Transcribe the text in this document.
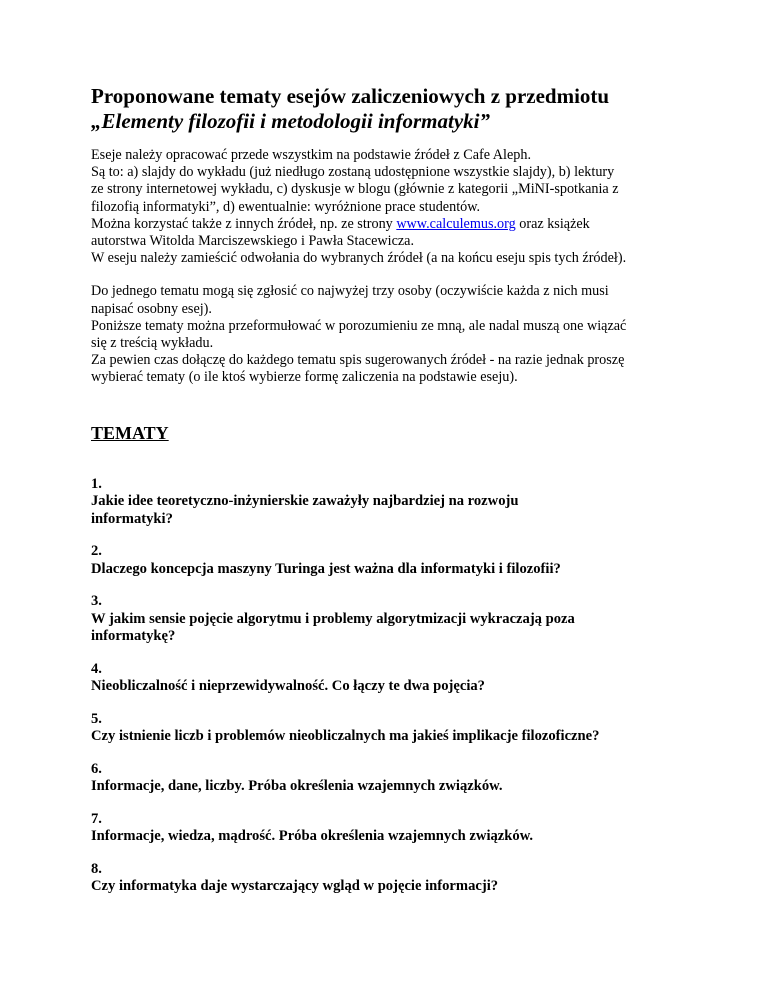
Proponowane tematy esejów zaliczeniowych z przedmiotu

„Elementy filozofii i metodologii informatyki”

Eseje należy opracować przede wszystkim na podstawie źródeł z Cafe Aleph.
Są to: a) slajdy do wykładu (już niedługo zostaną udostępnione wszystkie slajdy), b) lektury
ze strony internetowej wykładu, c) dyskusje w blogu (głównie z kategorii „MiNI-spotkania z
filozofią informatyki”, d) ewentualnie: wyróżnione prace studentów.
Można korzystać także z innych źródeł, np. ze strony www.calculemus.org oraz książek
autorstwa Witolda Marciszewskiego i Pawła Stacewicza.
W eseju należy zamieścić odwołania do wybranych źródeł (a na końcu eseju spis tych źródeł).
Do jednego tematu mogą się zgłosić co najwyżej trzy osoby (oczywiście każda z nich musi
napisać osobny esej).
Poniższe tematy można przeformułować w porozumieniu ze mną, ale nadal muszą one wiązać
się z treścią wykładu.
Za pewien czas dołączę do każdego tematu spis sugerowanych źródeł - na razie jednak proszę
wybierać tematy (o ile ktoś wybierze formę zaliczenia na podstawie eseju).
TEMATY
1.
Jakie idee teoretyczno-inżynierskie zaważyły najbardziej na rozwoju
informatyki?
2.
Dlaczego koncepcja maszyny Turinga jest ważna dla informatyki i filozofii?
3.
W jakim sensie pojęcie algorytmu i problemy algorytmizacji wykraczają poza
informatykę?
4.
Nieobliczalność i nieprzewidywalność. Co łączy te dwa pojęcia?
5.
Czy istnienie liczb i problemów nieobliczalnych ma jakieś implikacje filozoficzne?
6.
Informacje, dane, liczby. Próba określenia wzajemnych związków.
7.
Informacje, wiedza, mądrość. Próba określenia wzajemnych związków.
8.
Czy informatyka daje wystarczający wgląd w pojęcie informacji?
